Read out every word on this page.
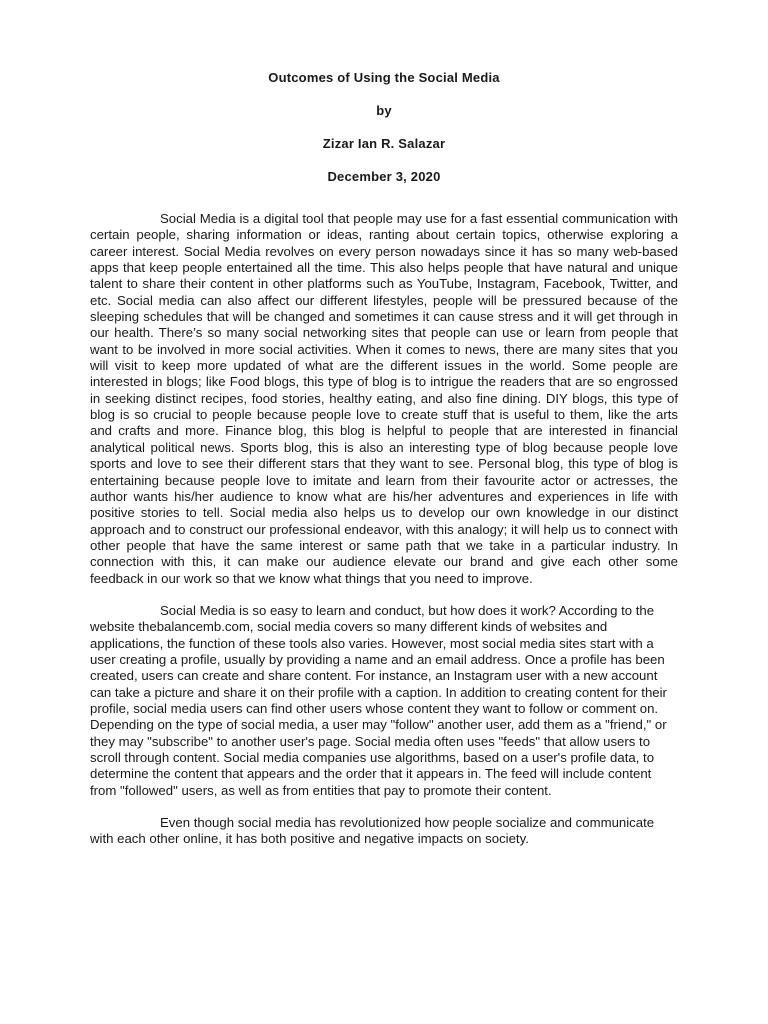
Outcomes of Using the Social Media
by
Zizar Ian R. Salazar
December 3, 2020

Social Media is a digital tool that people may use for a fast essential communication with certain people, sharing information or ideas, ranting about certain topics, otherwise exploring a career interest. Social Media revolves on every person nowadays since it has so many web-based apps that keep people entertained all the time. This also helps people that have natural and unique talent to share their content in other platforms such as YouTube, Instagram, Facebook, Twitter, and etc. Social media can also affect our different lifestyles, people will be pressured because of the sleeping schedules that will be changed and sometimes it can cause stress and it will get through in our health. There’s so many social networking sites that people can use or learn from people that want to be involved in more social activities. When it comes to news, there are many sites that you will visit to keep more updated of what are the different issues in the world. Some people are interested in blogs; like Food blogs, this type of blog is to intrigue the readers that are so engrossed in seeking distinct recipes, food stories, healthy eating, and also fine dining. DIY blogs, this type of blog is so crucial to people because people love to create stuff that is useful to them, like the arts and crafts and more. Finance blog, this blog is helpful to people that are interested in financial analytical political news. Sports blog, this is also an interesting type of blog because people love sports and love to see their different stars that they want to see. Personal blog, this type of blog is entertaining because people love to imitate and learn from their favourite actor or actresses, the author wants his/her audience to know what are his/her adventures and experiences in life with positive stories to tell. Social media also helps us to develop our own knowledge in our distinct approach and to construct our professional endeavor, with this analogy; it will help us to connect with other people that have the same interest or same path that we take in a particular industry. In connection with this, it can make our audience elevate our brand and give each other some feedback in our work so that we know what things that you need to improve.

Social Media is so easy to learn and conduct, but how does it work? According to the website thebalancemb.com, social media covers so many different kinds of websites and applications, the function of these tools also varies. However, most social media sites start with a user creating a profile, usually by providing a name and an email address. Once a profile has been created, users can create and share content. For instance, an Instagram user with a new account can take a picture and share it on their profile with a caption. In addition to creating content for their profile, social media users can find other users whose content they want to follow or comment on. Depending on the type of social media, a user may "follow" another user, add them as a "friend," or they may "subscribe" to another user's page. Social media often uses "feeds" that allow users to scroll through content. Social media companies use algorithms, based on a user's profile data, to determine the content that appears and the order that it appears in. The feed will include content from "followed" users, as well as from entities that pay to promote their content.

Even though social media has revolutionized how people socialize and communicate with each other online, it has both positive and negative impacts on society.
